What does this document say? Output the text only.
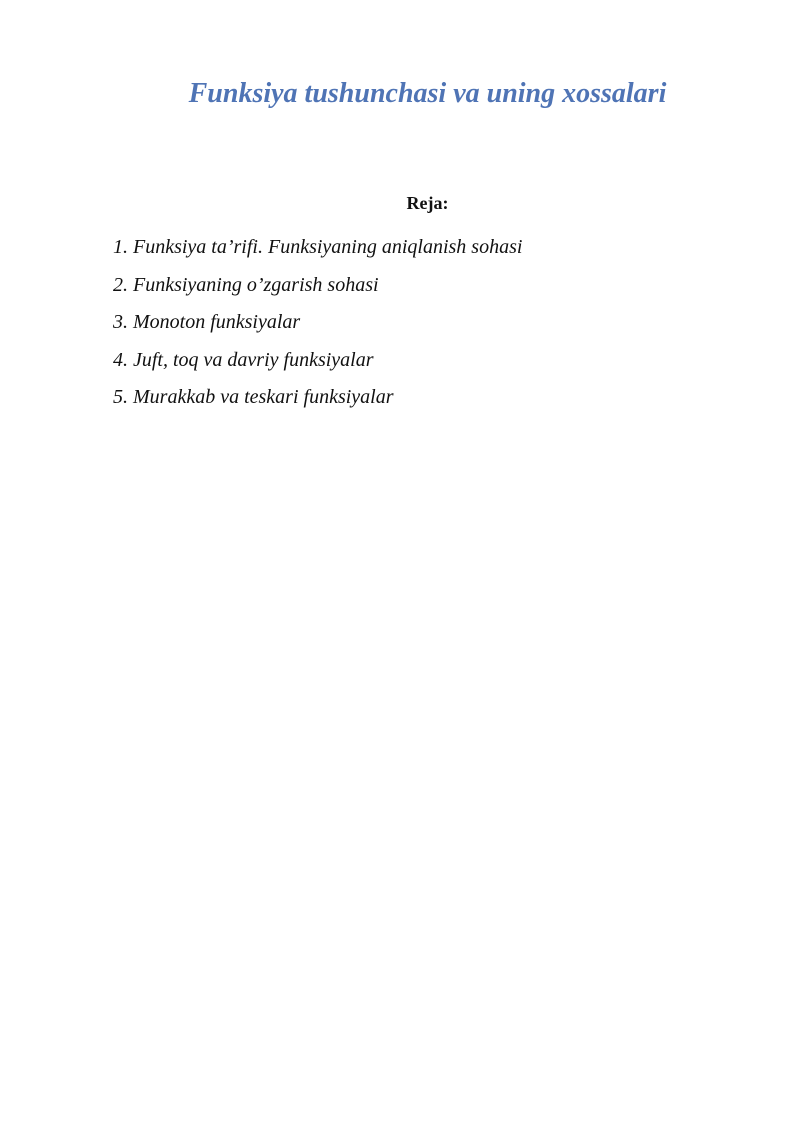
Funksiya tushunchasi va uning xossalari
Reja:
1. Funksiya ta’rifi. Funksiyaning aniqlanish sohasi
2. Funksiyaning o’zgarish sohasi
3. Monoton funksiyalar
4. Juft, toq va davriy funksiyalar
5. Murakkab va teskari funksiyalar
